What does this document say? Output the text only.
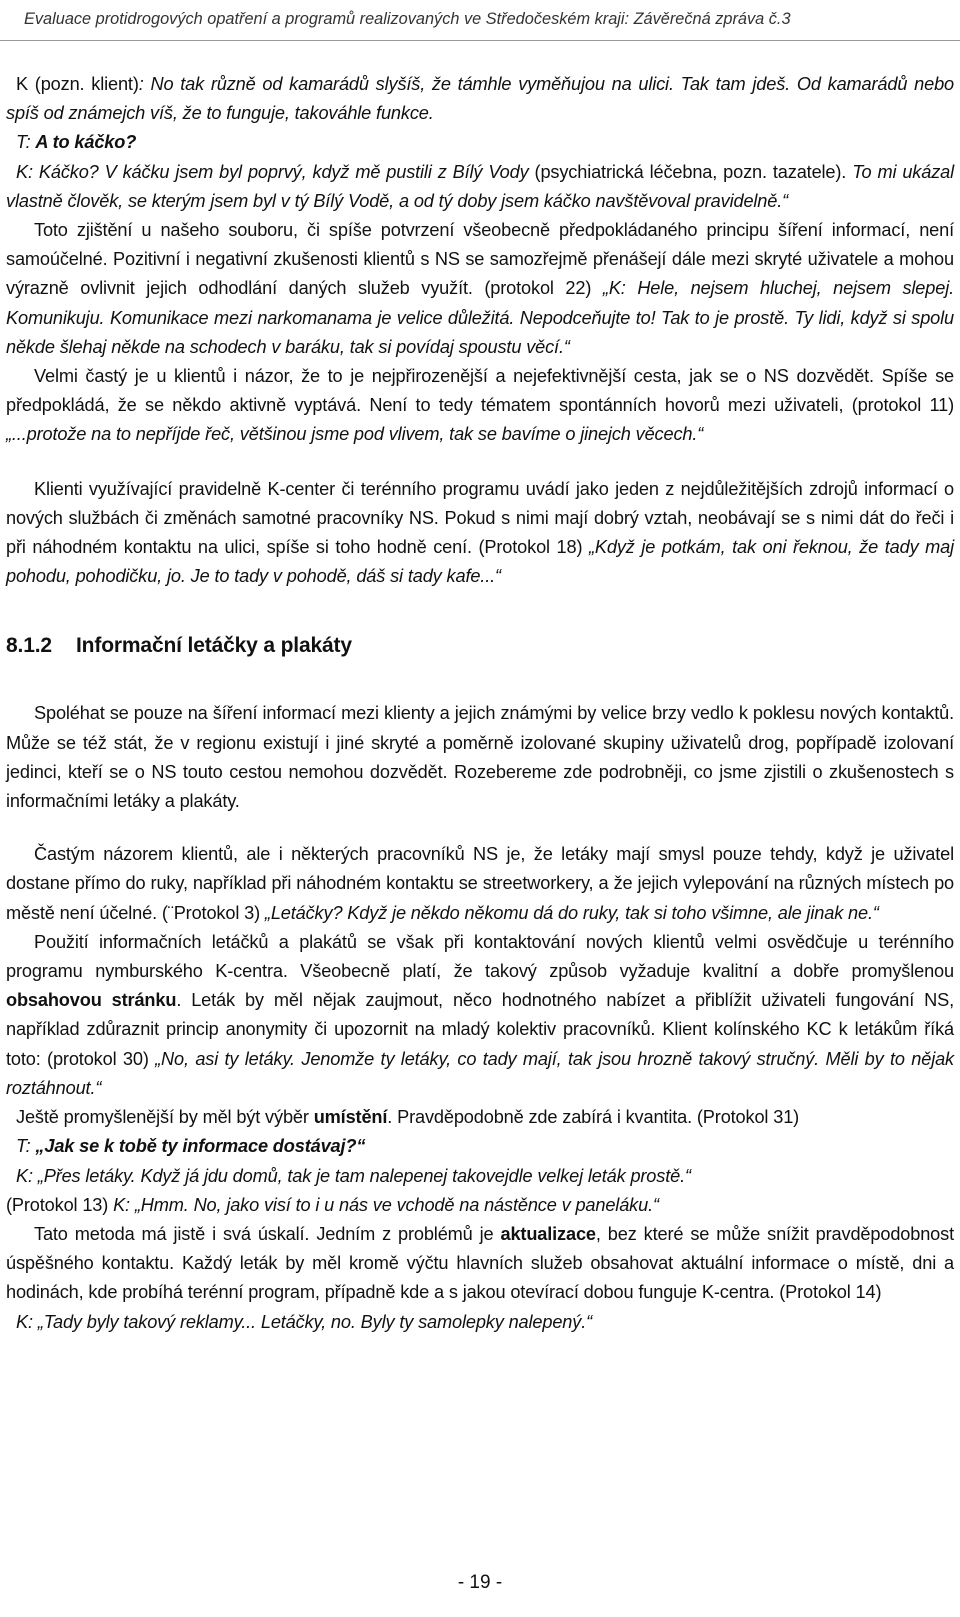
Evaluace protidrogových opatření a programů realizovaných ve Středočeském kraji: Závěrečná zpráva č.3

K (pozn. klient): No tak různě od kamarádů slyšíš, že támhle vyměňujou na ulici. Tak tam jdeš. Od kamarádů nebo spíš od známejch víš, že to funguje, takováhle funkce.

T: A to káčko?

K: Káčko? V káčku jsem byl poprvý, když mě pustili z Bílý Vody (psychiatrická léčebna, pozn. tazatele). To mi ukázal vlastně člověk, se kterým jsem byl v tý Bílý Vodě, a od tý doby jsem káčko navštěvoval pravidelně.“

Toto zjištění u našeho souboru, či spíše potvrzení všeobecně předpokládaného principu šíření informací, není samoúčelné. Pozitivní i negativní zkušenosti klientů s NS se samozřejmě přenášejí dále mezi skryté uživatele a mohou výrazně ovlivnit jejich odhodlání daných služeb využít. (protokol 22) „K: Hele, nejsem hluchej, nejsem slepej. Komunikuju. Komunikace mezi narkomanama je velice důležitá. Nepodceňujte to! Tak to je prostě. Ty lidi, když si spolu někde šlehaj někde na schodech v baráku, tak si povídaj spoustu věcí.“

Velmi častý je u klientů i názor, že to je nejpřirozenější a nejefektivnější cesta, jak se o NS dozvědět. Spíše se předpokládá, že se někdo aktivně vyptává. Není to tedy tématem spontánních hovorů mezi uživateli, (protokol 11) „...protože na to nepříjde řeč, většinou jsme pod vlivem, tak se bavíme o jinejch věcech.“

Klienti využívající pravidelně K-center či terénního programu uvádí jako jeden z nejdůležitějších zdrojů informací o nových službách či změnách samotné pracovníky NS. Pokud s nimi mají dobrý vztah, neobávají se s nimi dát do řeči i při náhodném kontaktu na ulici, spíše si toho hodně cení. (Protokol 18) „Když je potkám, tak oni řeknou, že tady maj pohodu, pohodičku, jo. Je to tady v pohodě, dáš si tady kafe...“

8.1.2 Informační letáčky a plakáty

Spoléhat se pouze na šíření informací mezi klienty a jejich známými by velice brzy vedlo k poklesu nových kontaktů. Může se též stát, že v regionu existují i jiné skryté a poměrně izolované skupiny uživatelů drog, popřípadě izolovaní jedinci, kteří se o NS touto cestou nemohou dozvědět. Rozebereme zde podrobněji, co jsme zjistili o zkušenostech s informačními letáky a plakáty.

Častým názorem klientů, ale i některých pracovníků NS je, že letáky mají smysl pouze tehdy, když je uživatel dostane přímo do ruky, například při náhodném kontaktu se streetworkery, a že jejich vylepování na různých místech po městě není účelné. (¨Protokol 3) „Letáčky? Když je někdo někomu dá do ruky, tak si toho všimne, ale jinak ne.“

Použití informačních letáčků a plakátů se však při kontaktování nových klientů velmi osvědčuje u terénního programu nymburského K-centra. Všeobecně platí, že takový způsob vyžaduje kvalitní a dobře promyšlenou obsahovou stránku. Leták by měl nějak zaujmout, něco hodnotného nabízet a přiblížit uživateli fungování NS, například zdůraznit princip anonymity či upozornit na mladý kolektiv pracovníků. Klient kolínského KC k letákům říká toto: (protokol 30) „No, asi ty letáky. Jenomže ty letáky, co tady mají, tak jsou hrozně takový stručný. Měli by to nějak roztáhnout.“

Ještě promyšlenější by měl být výběr umístění. Pravděpodobně zde zabírá i kvantita. (Protokol 31)

T: „Jak se k tobě ty informace dostávaj?“

K: „Přes letáky. Když já jdu domů, tak je tam nalepenej takovejdle velkej leták prostě.“

(Protokol 13) K: „Hmm. No, jako visí to i u nás ve vchodě na nástěnce v paneláku.“

Tato metoda má jistě i svá úskalí. Jedním z problémů je aktualizace, bez které se může snížit pravděpodobnost úspěšného kontaktu. Každý leták by měl kromě výčtu hlavních služeb obsahovat aktuální informace o místě, dni a hodinách, kde probíhá terénní program, případně kde a s jakou otevírací dobou funguje K-centra. (Protokol 14)

K: „Tady byly takový reklamy... Letáčky, no. Byly ty samolepky nalepený.“

- 19 -
